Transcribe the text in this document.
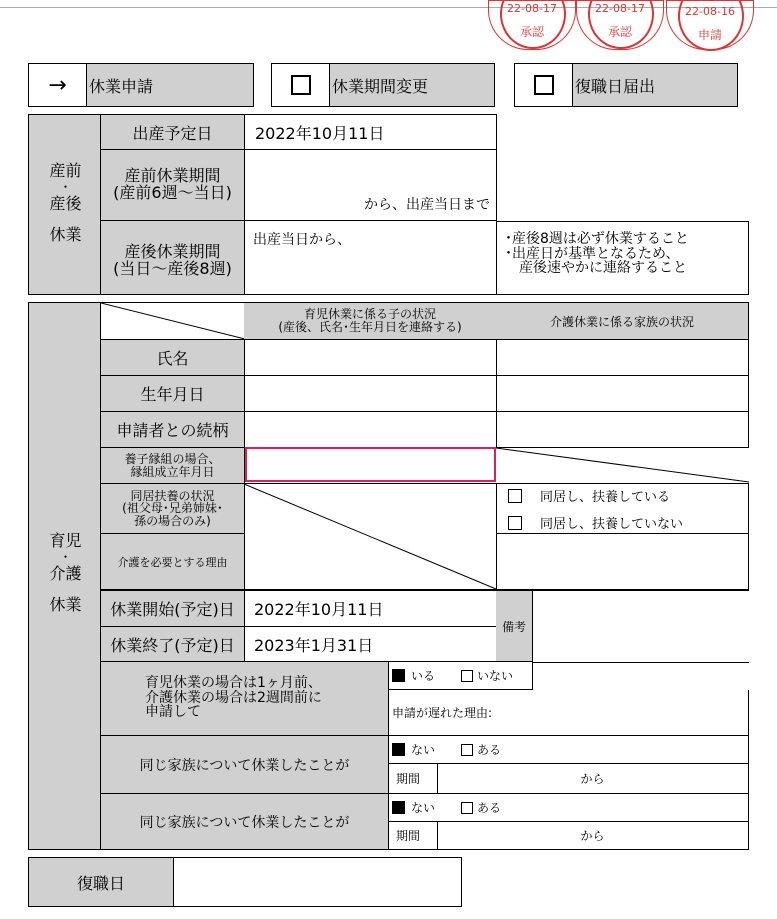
22-08-17
承認
22-08-17
承認
22-08-16
申請
→	休業申請	休業期間変更	復職日届出
産前
・
産後
休業
出産予定日	2022年10月11日
産前休業期間
(産前6週～当日)
から、出産当日まで
産後休業期間
(当日～産後8週)
出産当日から、	･産後8週は必ず休業すること
･出産日が基準となるため、
　産後速やかに連絡すること
育児
・
介護
休業
育児休業に係る子の状況
(産後、氏名･生年月日を連絡する)	介護休業に係る家族の状況
氏名
生年月日
申請者との続柄
養子縁組の場合、
縁組成立年月日
同居扶養の状況
(祖父母･兄弟姉妹･
孫の場合のみ)
介護を必要とする理由
同居し、扶養している
同居し、扶養していない
休業開始(予定)日	2022年10月11日
休業終了(予定)日	2023年1月31日
備考
育児休業の場合は1ヶ月前、
介護休業の場合は2週間前に
申請して
いる	いない
申請が遅れた理由:
同じ家族について休業したことが
ない	ある
期間	から
同じ家族について休業したことが
ない	ある
期間	から
復職日
